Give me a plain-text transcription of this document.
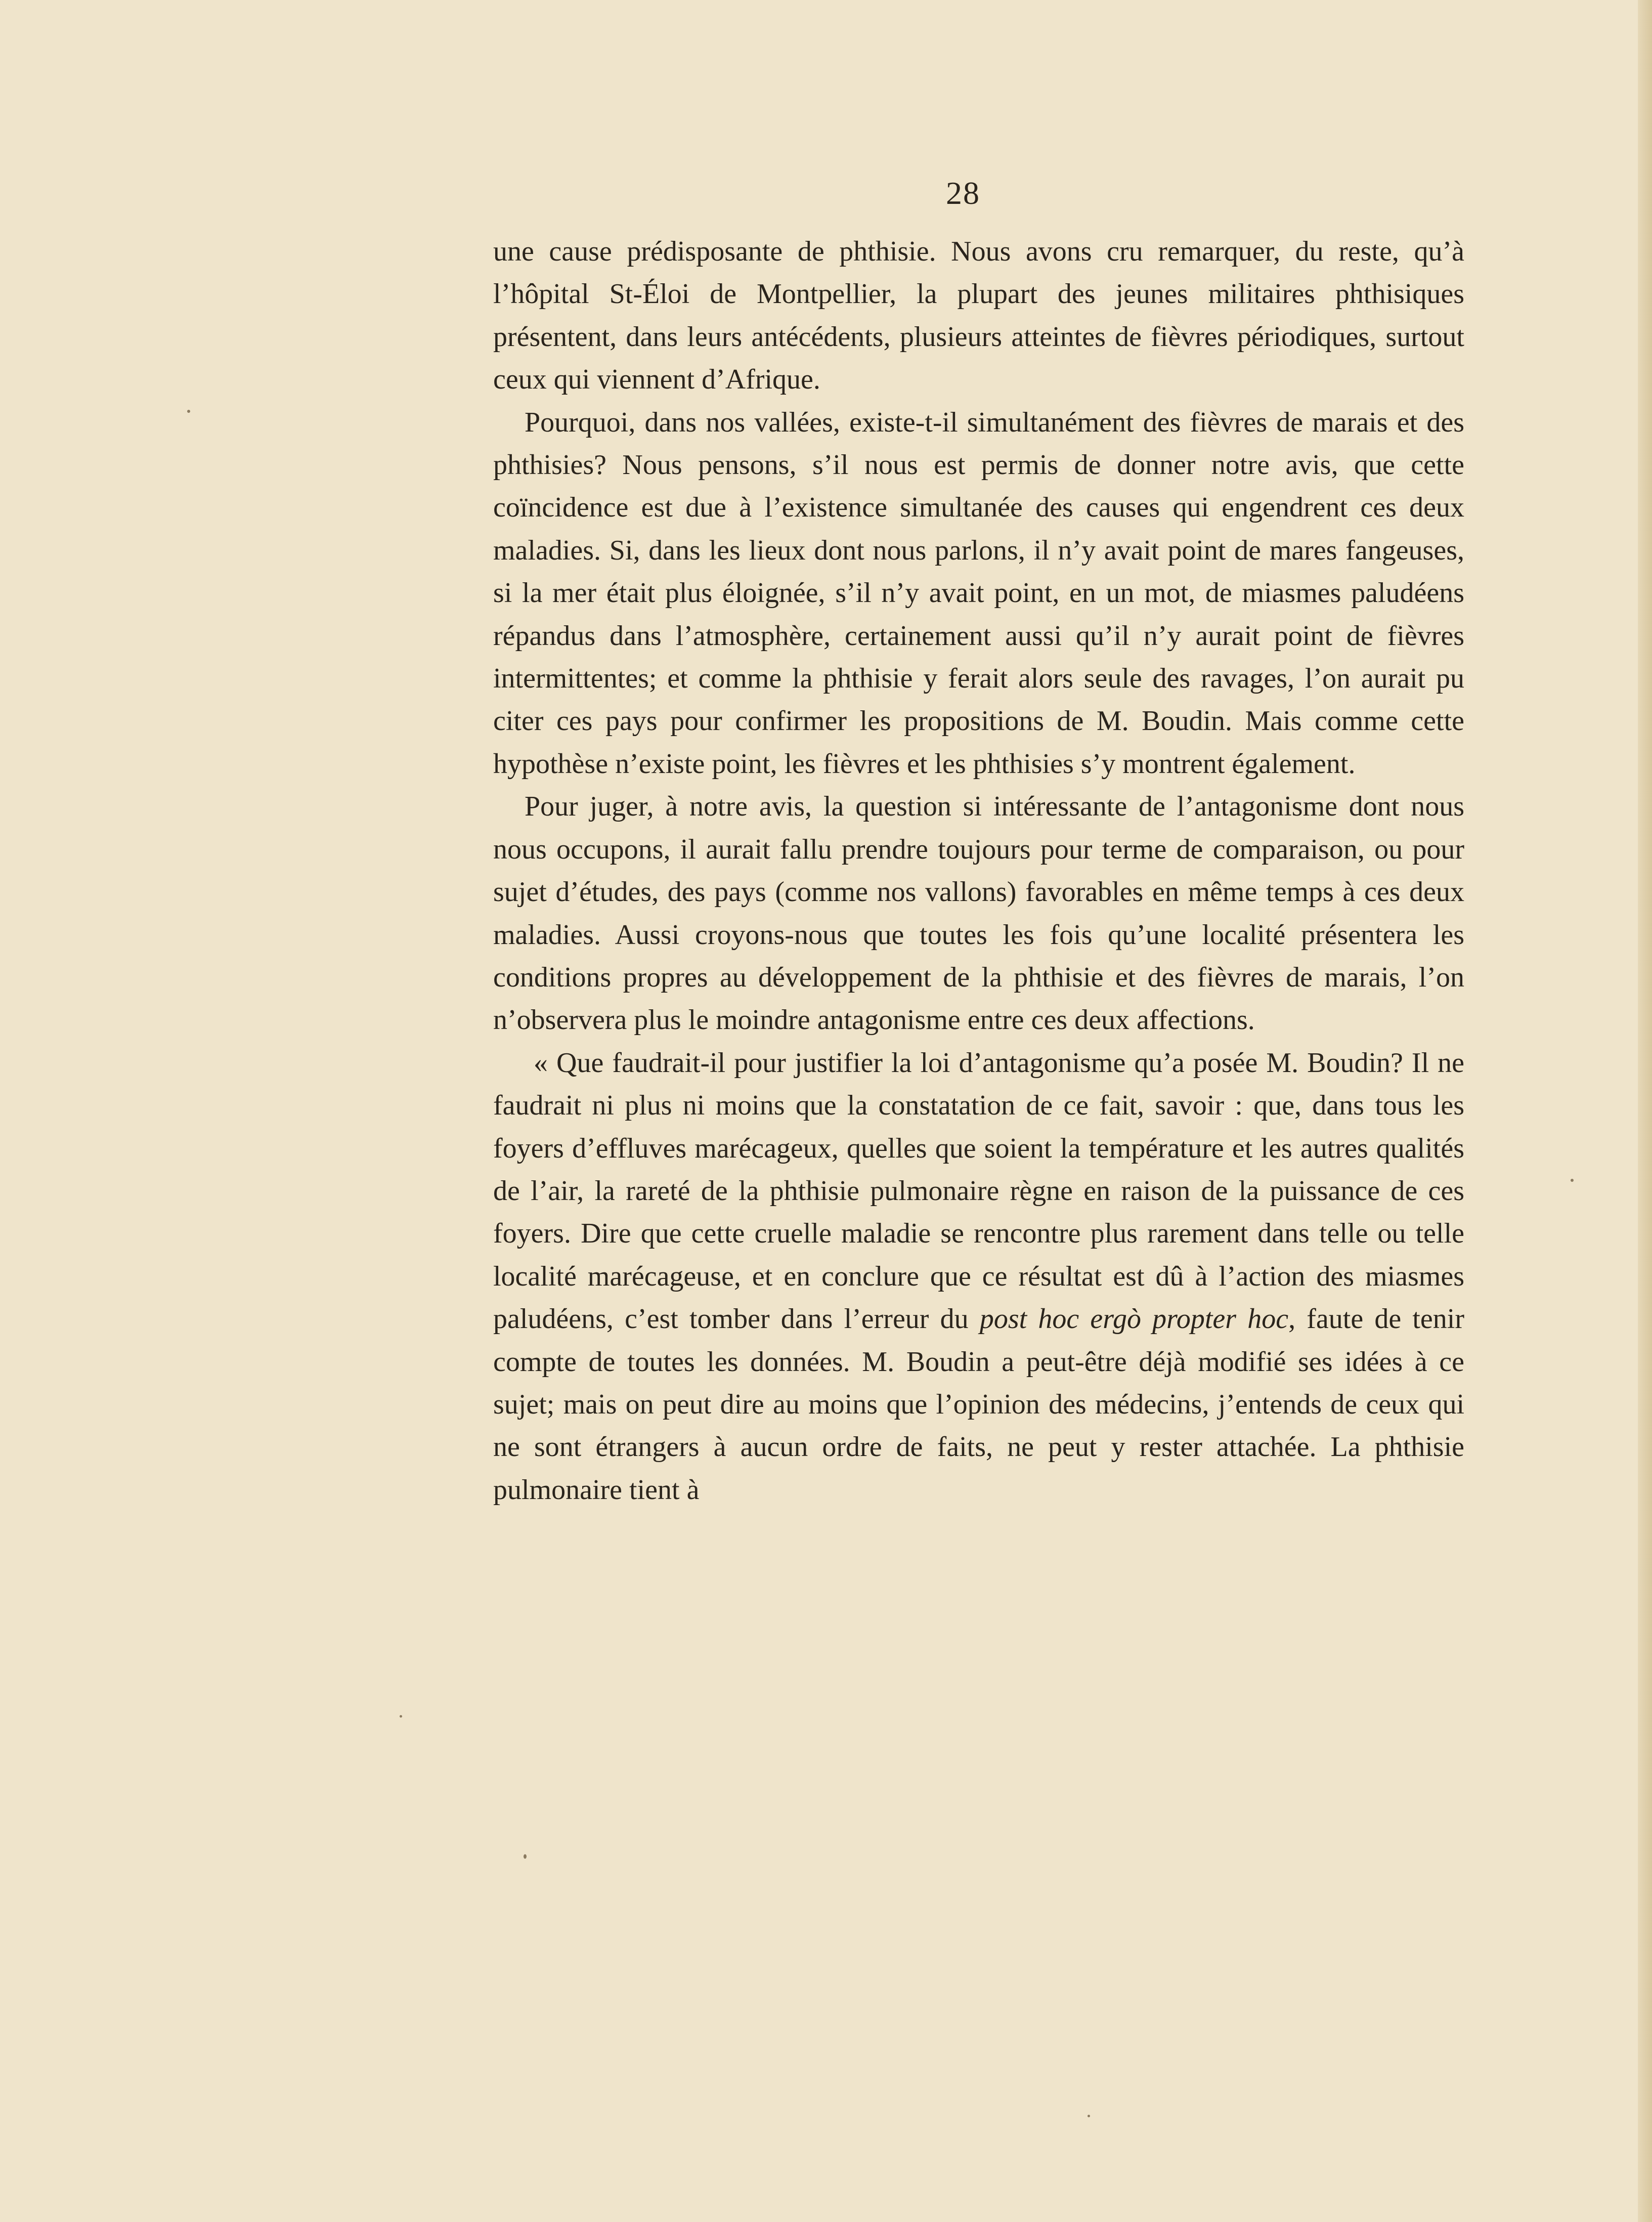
28

une cause prédisposante de phthisie. Nous avons cru remarquer, du reste, qu’à l’hôpital St-Éloi de Montpellier, la plupart des jeunes militaires phthisiques présentent, dans leurs antécédents, plusieurs atteintes de fièvres périodiques, surtout ceux qui viennent d’Afrique.

Pourquoi, dans nos vallées, existe-t-il simultanément des fièvres de marais et des phthisies? Nous pensons, s’il nous est permis de donner notre avis, que cette coïncidence est due à l’existence simultanée des causes qui engendrent ces deux maladies. Si, dans les lieux dont nous parlons, il n’y avait point de mares fangeuses, si la mer était plus éloignée, s’il n’y avait point, en un mot, de miasmes paludéens répandus dans l’atmosphère, certainement aussi qu’il n’y aurait point de fièvres intermittentes; et comme la phthisie y ferait alors seule des ravages, l’on aurait pu citer ces pays pour confirmer les propositions de M. Boudin. Mais comme cette hypothèse n’existe point, les fièvres et les phthisies s’y montrent également.

Pour juger, à notre avis, la question si intéressante de l’antagonisme dont nous nous occupons, il aurait fallu prendre toujours pour terme de comparaison, ou pour sujet d’études, des pays (comme nos vallons) favorables en même temps à ces deux maladies. Aussi croyons-nous que toutes les fois qu’une localité présentera les conditions propres au développement de la phthisie et des fièvres de marais, l’on n’observera plus le moindre antagonisme entre ces deux affections.

« Que faudrait-il pour justifier la loi d’antagonisme qu’a posée M. Boudin? Il ne faudrait ni plus ni moins que la constatation de ce fait, savoir : que, dans tous les foyers d’effluves marécageux, quelles que soient la température et les autres qualités de l’air, la rareté de la phthisie pulmonaire règne en raison de la puissance de ces foyers. Dire que cette cruelle maladie se rencontre plus rarement dans telle ou telle localité marécageuse, et en conclure que ce résultat est dû à l’action des miasmes paludéens, c’est tomber dans l’erreur du post hoc ergò propter hoc, faute de tenir compte de toutes les données. M. Boudin a peut-être déjà modifié ses idées à ce sujet; mais on peut dire au moins que l’opinion des médecins, j’entends de ceux qui ne sont étrangers à aucun ordre de faits, ne peut y rester attachée. La phthisie pulmonaire tient à
